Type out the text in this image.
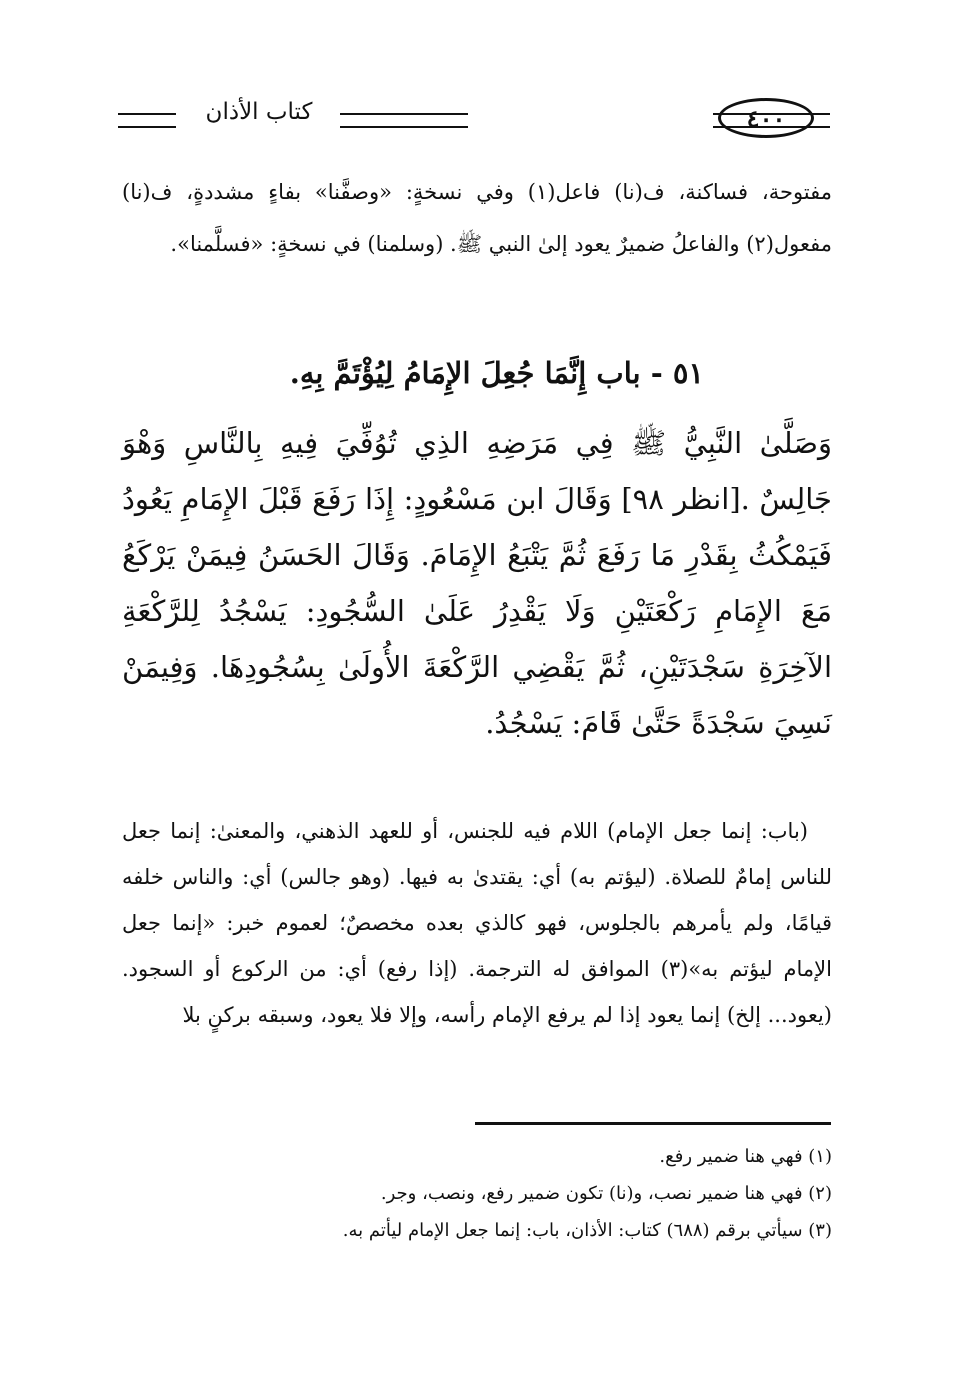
كتاب الأذان	٤٠٠
مفتوحة، فساكنة، ف(نا) فاعل(١) وفي نسخةٍ: «وصفَّنا» بفاءٍ مشددةٍ، ف(نا) مفعول(٢) والفاعلُ ضميرٌ يعود إلىٰ النبي ﷺ. (وسلمنا) في نسخةٍ: «فسلَّمنا».
٥١ - باب إِنَّمَا جُعِلَ الإِمَامُ لِيُؤْتَمَّ بِهِ.
وَصَلَّىٰ النَّبِيُّ ﷺ فِي مَرَضِهِ الذِي تُوُفِّيَ فِيهِ بِالنَّاسِ وَهْوَ جَالِسٌ .[انظر ٩٨] وَقَالَ ابن مَسْعُودٍ: إِذَا رَفَعَ قَبْلَ الإِمَامِ يَعُودُ فَيَمْكُثُ بِقَدْرِ مَا رَفَعَ ثُمَّ يَتْبَعُ الإِمَامَ. وَقَالَ الحَسَنُ فِيمَنْ يَرْكَعُ مَعَ الإِمَامِ رَكْعَتَيْنِ وَلَا يَقْدِرُ عَلَىٰ السُّجُودِ: يَسْجُدُ لِلرَّكْعَةِ الآخِرَةِ سَجْدَتَيْنِ، ثُمَّ يَقْضِي الرَّكْعَةَ الأُولَىٰ بِسُجُودِهَا. وَفِيمَنْ نَسِيَ سَجْدَةً حَتَّىٰ قَامَ: يَسْجُدُ.
(باب: إنما جعل الإمام) اللام فيه للجنس، أو للعهد الذهني، والمعنىٰ: إنما جعل للناس إمامٌ للصلاة. (ليؤتم به) أي: يقتدىٰ به فيها. (وهو جالس) أي: والناس خلفه قيامًا، ولم يأمرهم بالجلوس، فهو كالذي بعده مخصصٌ؛ لعموم خبر: «إنما جعل الإمام ليؤتم به»(٣) الموافق له الترجمة. (إذا رفع) أي: من الركوع أو السجود. (يعود... إلخ) إنما يعود إذا لم يرفع الإمام رأسه، وإلا فلا يعود، وسبقه بركنٍ بلا
(١) فهي هنا ضمير رفع.
(٢) فهي هنا ضمير نصب، و(نا) تكون ضمير رفع، ونصب، وجر.
(٣) سيأتي برقم (٦٨٨) كتاب: الأذان، باب: إنما جعل الإمام ليأتم به.
